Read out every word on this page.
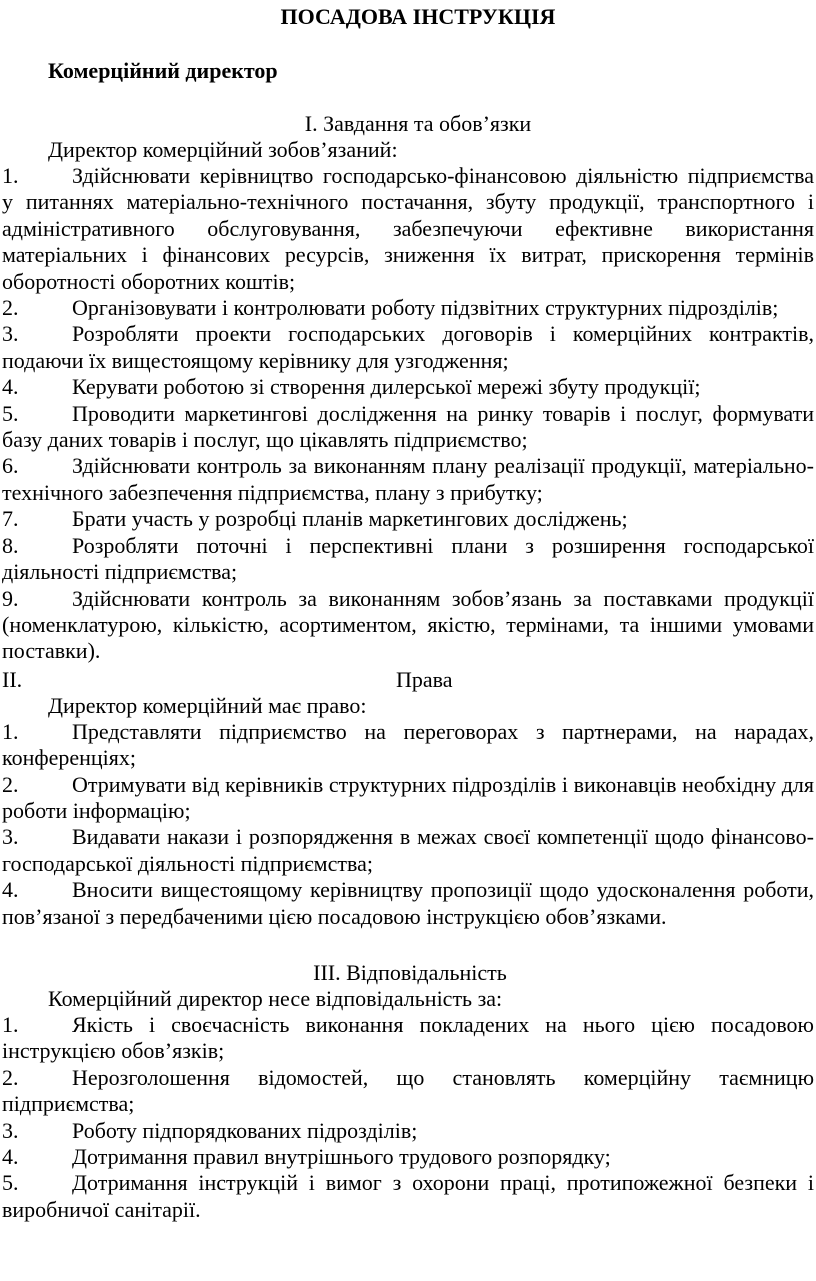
ПОСАДОВА ІНСТРУКЦІЯ
Комерційний директор
І. Завдання та обов’язки
Директор комерційний зобов’язаний:

1. Здійснювати керівництво господарсько-фінансовою діяльністю підприємства у питаннях матеріально-технічного постачання, збуту продукції, транспортного і адміністративного обслуговування, забезпечуючи ефективне використання матеріальних і фінансових ресурсів, зниження їх витрат, прискорення термінів оборотності оборотних коштів;

2. Організовувати і контролювати роботу підзвітних структурних підрозділів;

3. Розробляти проекти господарських договорів і комерційних контрактів, подаючи їх вищестоящому керівнику для узгодження;

4. Керувати роботою зі створення дилерської мережі збуту продукції;

5. Проводити маркетингові дослідження на ринку товарів і послуг, формувати базу даних товарів і послуг, що цікавлять підприємство;

6. Здійснювати контроль за виконанням плану реалізації продукції, матеріально-технічного забезпечення підприємства, плану з прибутку;

7. Брати участь у розробці планів маркетингових досліджень;

8. Розробляти поточні і перспективні плани з розширення господарської діяльності підприємства;

9. Здійснювати контроль за виконанням зобов’язань за поставками продукції (номенклатурою, кількістю, асортиментом, якістю, термінами, та іншими умовами поставки).

ІІ.	Права
Директор комерційний має право:

1. Представляти підприємство на переговорах з партнерами, на нарадах, конференціях;

2. Отримувати від керівників структурних підрозділів і виконавців необхідну для роботи інформацію;

3. Видавати накази і розпорядження в межах своєї компетенції щодо фінансово-господарської діяльності підприємства;

4. Вносити вищестоящому керівництву пропозиції щодо удосконалення роботи, пов’язаної з передбаченими цією посадовою інструкцією обов’язками.

ІІІ. Відповідальність
Комерційний директор несе відповідальність за:

1. Якість і своєчасність виконання покладених на нього цією посадовою інструкцією обов’язків;

2. Нерозголошення відомостей, що становлять комерційну таємницю підприємства;

3. Роботу підпорядкованих підрозділів;

4. Дотримання правил внутрішнього трудового розпорядку;

5. Дотримання інструкцій і вимог з охорони праці, протипожежної безпеки і виробничої санітарії.
